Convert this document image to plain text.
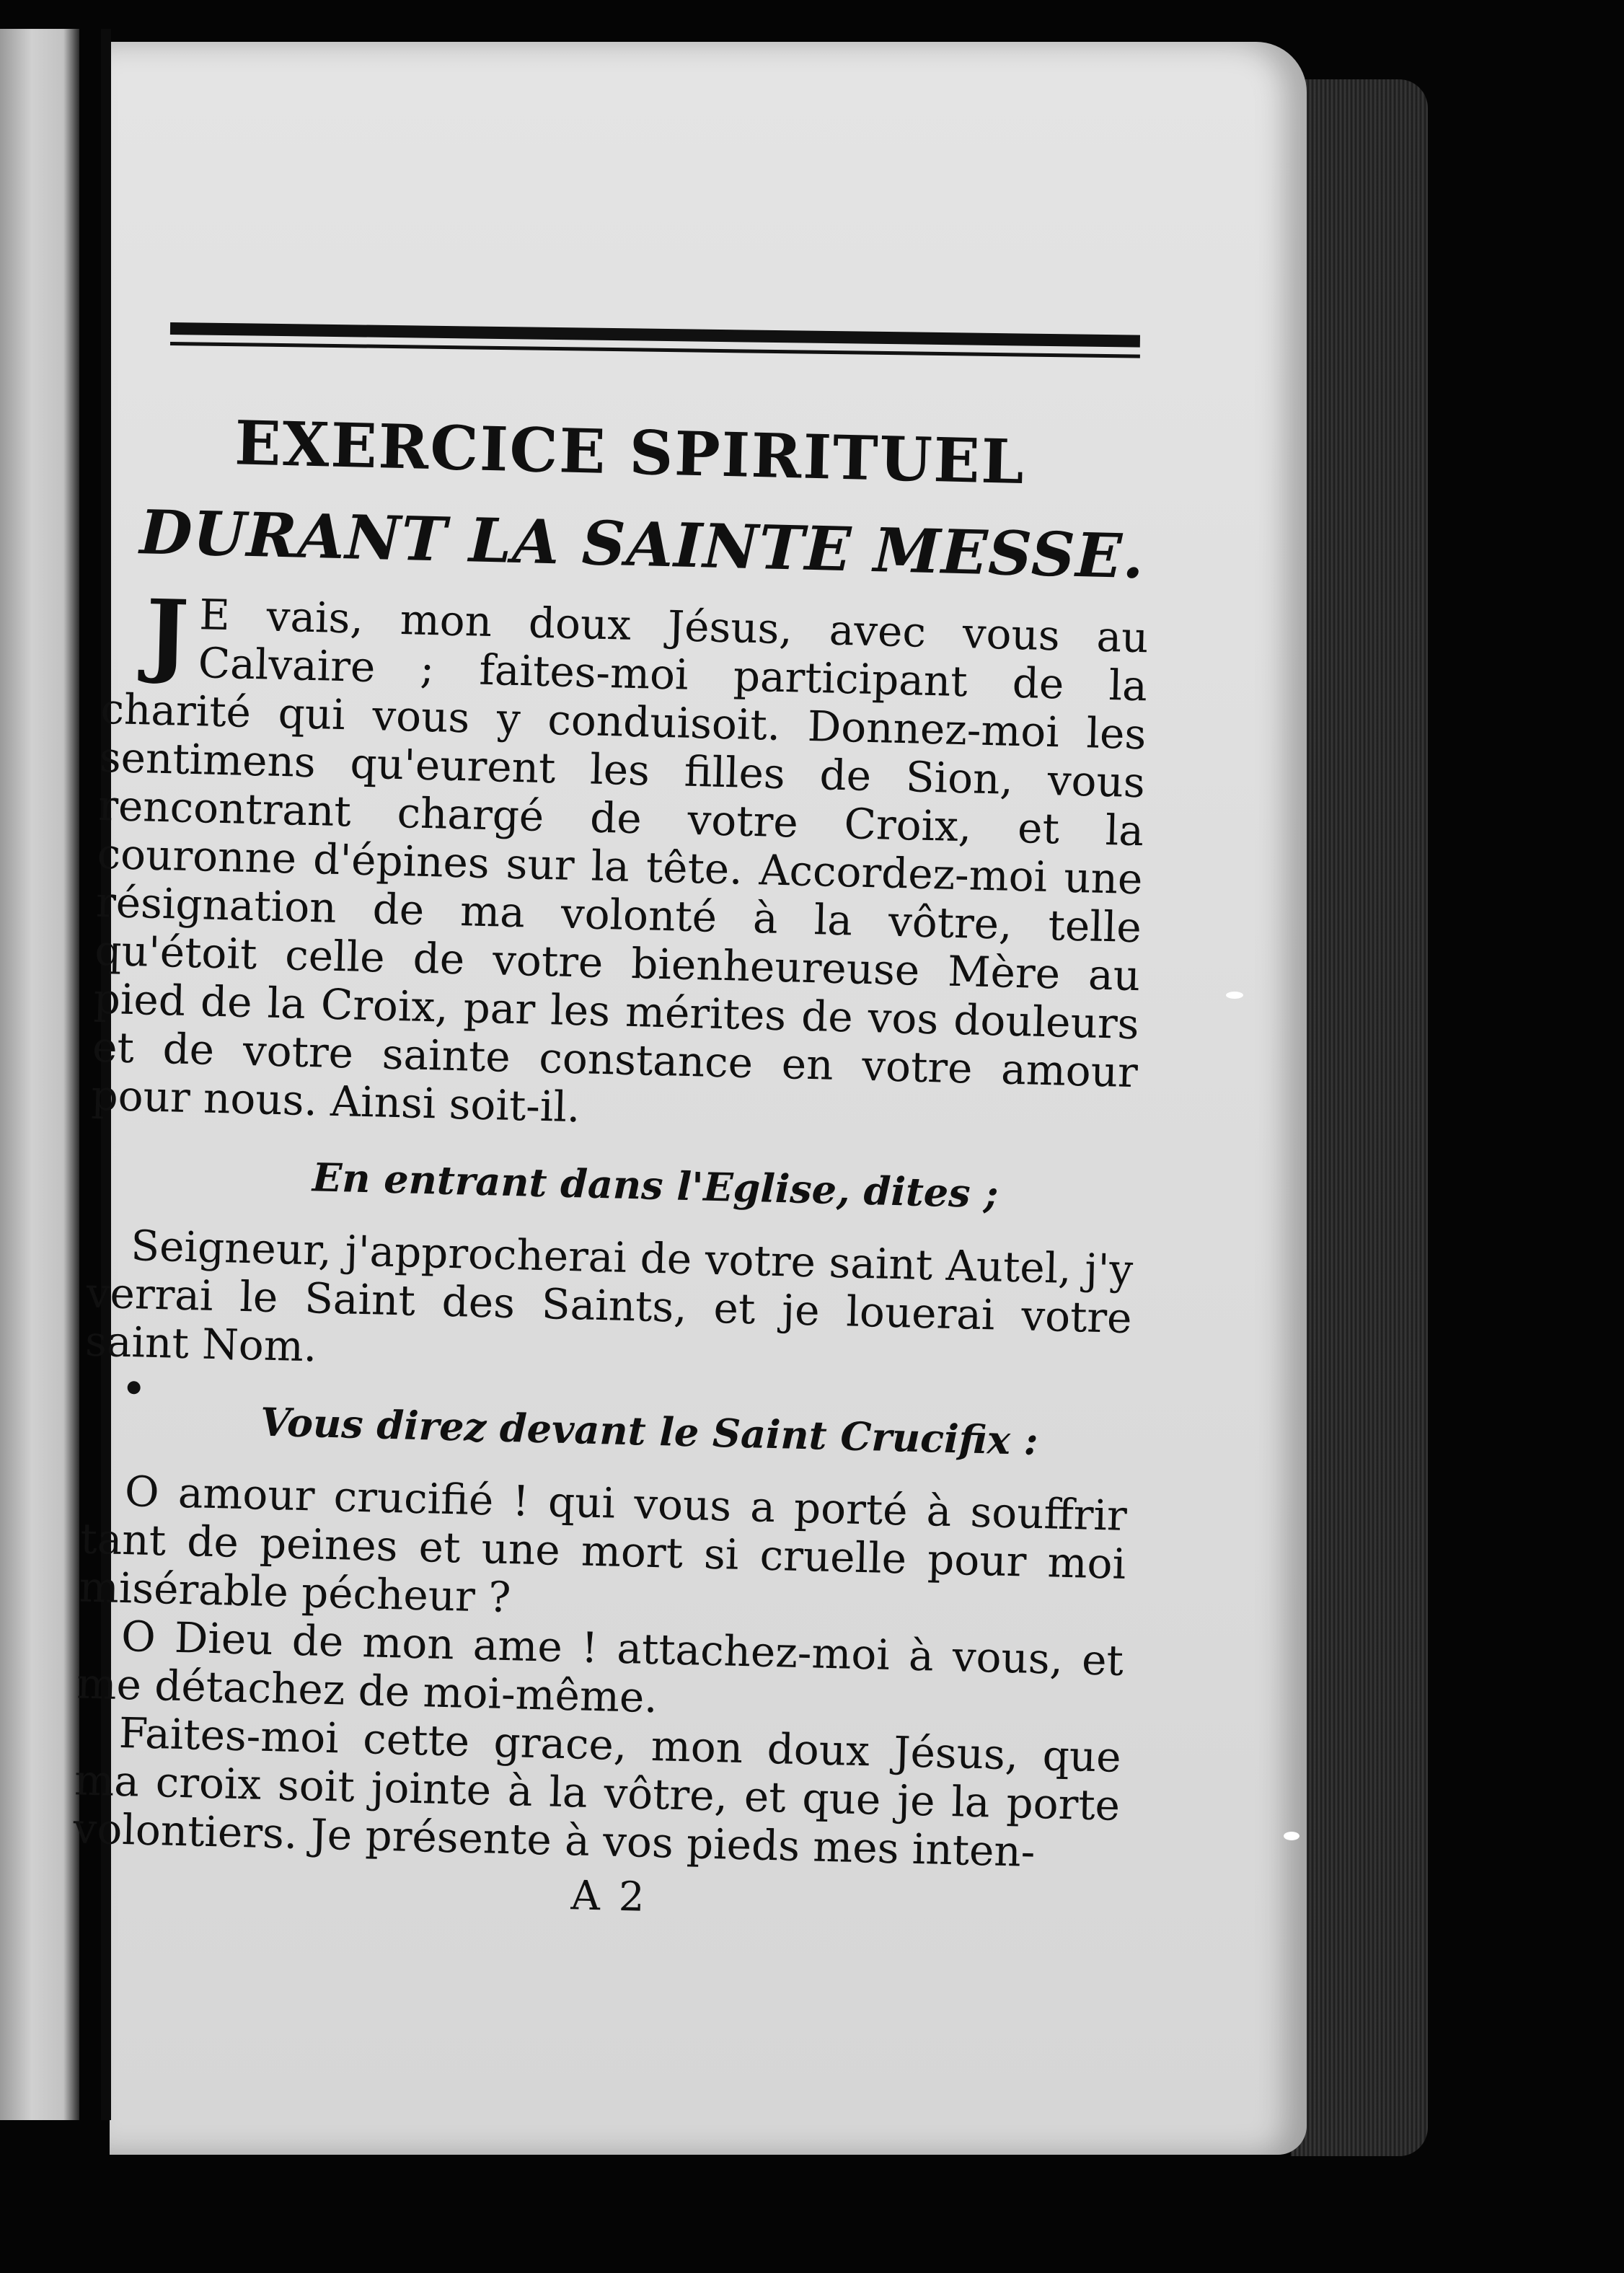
EXERCICE SPIRITUEL
DURANT LA SAINTE MESSE.

J E vais, mon doux Jésus, avec vous au Calvaire ; faites-moi participant de la charité qui vous y conduisoit. Donnez-moi les sentimens qu'eurent les filles de Sion, vous rencontrant chargé de votre Croix, et la couronne d'épines sur la tête. Accordez-moi une résignation de ma volonté à la vôtre, telle qu'étoit celle de votre bienheureuse Mère au pied de la Croix, par les mérites de vos douleurs et de votre sainte constance en votre amour pour nous. Ainsi soit-il.

En entrant dans l'Eglise, dites ;

Seigneur, j'approcherai de votre saint Autel, j'y verrai le Saint des Saints, et je louerai votre saint Nom.

Vous direz devant le Saint Crucifix :

O amour crucifié ! qui vous a porté à souffrir tant de peines et une mort si cruelle pour moi misérable pécheur ?

O Dieu de mon ame ! attachez-moi à vous, et me détachez de moi-même.

Faites-moi cette grace, mon doux Jésus, que ma croix soit jointe à la vôtre, et que je la porte volontiers. Je présente à vos pieds mes inten-

A 2
